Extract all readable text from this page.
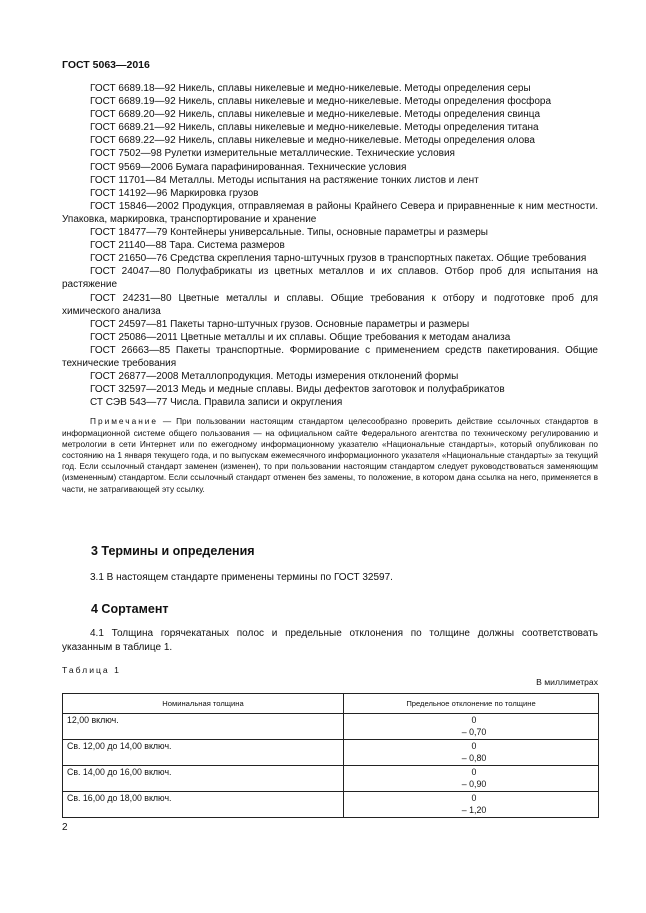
ГОСТ 5063—2016
ГОСТ 6689.18—92 Никель, сплавы никелевые и медно-никелевые. Методы определения серы
ГОСТ 6689.19—92 Никель, сплавы никелевые и медно-никелевые. Методы определения фосфора
ГОСТ 6689.20—92 Никель, сплавы никелевые и медно-никелевые. Методы определения свинца
ГОСТ 6689.21—92 Никель, сплавы никелевые и медно-никелевые. Методы определения титана
ГОСТ 6689.22—92 Никель, сплавы никелевые и медно-никелевые. Методы определения олова
ГОСТ 7502—98 Рулетки измерительные металлические. Технические условия
ГОСТ 9569—2006 Бумага парафинированная. Технические условия
ГОСТ 11701—84 Металлы. Методы испытания на растяжение тонких листов и лент
ГОСТ 14192—96 Маркировка грузов
ГОСТ 15846—2002 Продукция, отправляемая в районы Крайнего Севера и приравненные к ним местности. Упаковка, маркировка, транспортирование и хранение
ГОСТ 18477—79 Контейнеры универсальные. Типы, основные параметры и размеры
ГОСТ 21140—88 Тара. Система размеров
ГОСТ 21650—76 Средства скрепления тарно-штучных грузов в транспортных пакетах. Общие требования
ГОСТ 24047—80 Полуфабрикаты из цветных металлов и их сплавов. Отбор проб для испытания на растяжение
ГОСТ 24231—80 Цветные металлы и сплавы. Общие требования к отбору и подготовке проб для химического анализа
ГОСТ 24597—81 Пакеты тарно-штучных грузов. Основные параметры и размеры
ГОСТ 25086—2011 Цветные металлы и их сплавы. Общие требования к методам анализа
ГОСТ 26663—85 Пакеты транспортные. Формирование с применением средств пакетирования. Общие технические требования
ГОСТ 26877—2008 Металлопродукция. Методы измерения отклонений формы
ГОСТ 32597—2013 Медь и медные сплавы. Виды дефектов заготовок и полуфабрикатов
СТ СЭВ 543—77 Числа. Правила записи и округления
Примечание — При пользовании настоящим стандартом целесообразно проверить действие ссылочных стандартов в информационной системе общего пользования — на официальном сайте Федерального агентства по техническому регулированию и метрологии в сети Интернет или по ежегодному информационному указателю «Национальные стандарты», который опубликован по состоянию на 1 января текущего года, и по выпускам ежемесячного информационного указателя «Национальные стандарты» за текущий год. Если ссылочный стандарт заменен (изменен), то при пользовании настоящим стандартом следует руководствоваться заменяющим (измененным) стандартом. Если ссылочный стандарт отменен без замены, то положение, в котором дана ссылка на него, применяется в части, не затрагивающей эту ссылку.
3 Термины и определения
3.1 В настоящем стандарте применены термины по ГОСТ 32597.
4 Сортамент
4.1 Толщина горячекатаных полос и предельные отклонения по толщине должны соответствовать указанным в таблице 1.
Таблица 1
В миллиметрах
Номинальная толщина	Предельное отклонение по толщине
12,00 включ.	0
– 0,70

Св. 12,00 до 14,00 включ.	0
– 0,80

Св. 14,00 до 16,00 включ.	0
– 0,90

Св. 16,00 до 18,00 включ.	0
– 1,20
2
